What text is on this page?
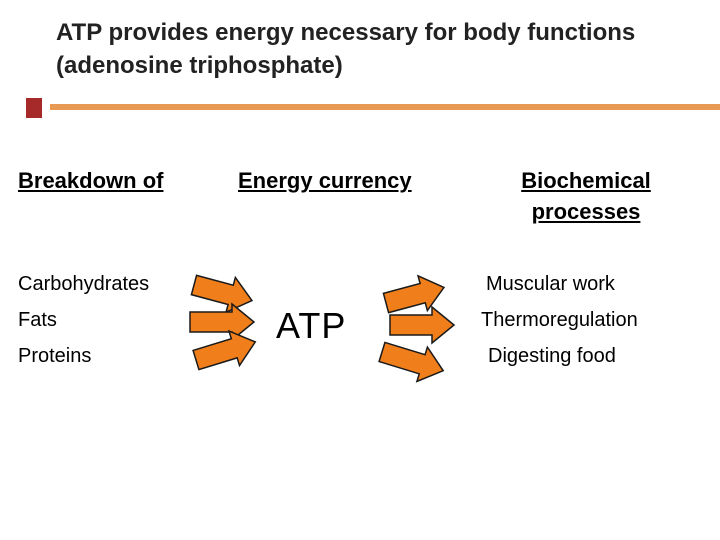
ATP provides energy necessary for body functions (adenosine triphosphate)
Breakdown of	Energy currency	Biochemical processes
Carbohydrates
Fats
Proteins
ATP
Muscular work
Thermoregulation
Digesting food
